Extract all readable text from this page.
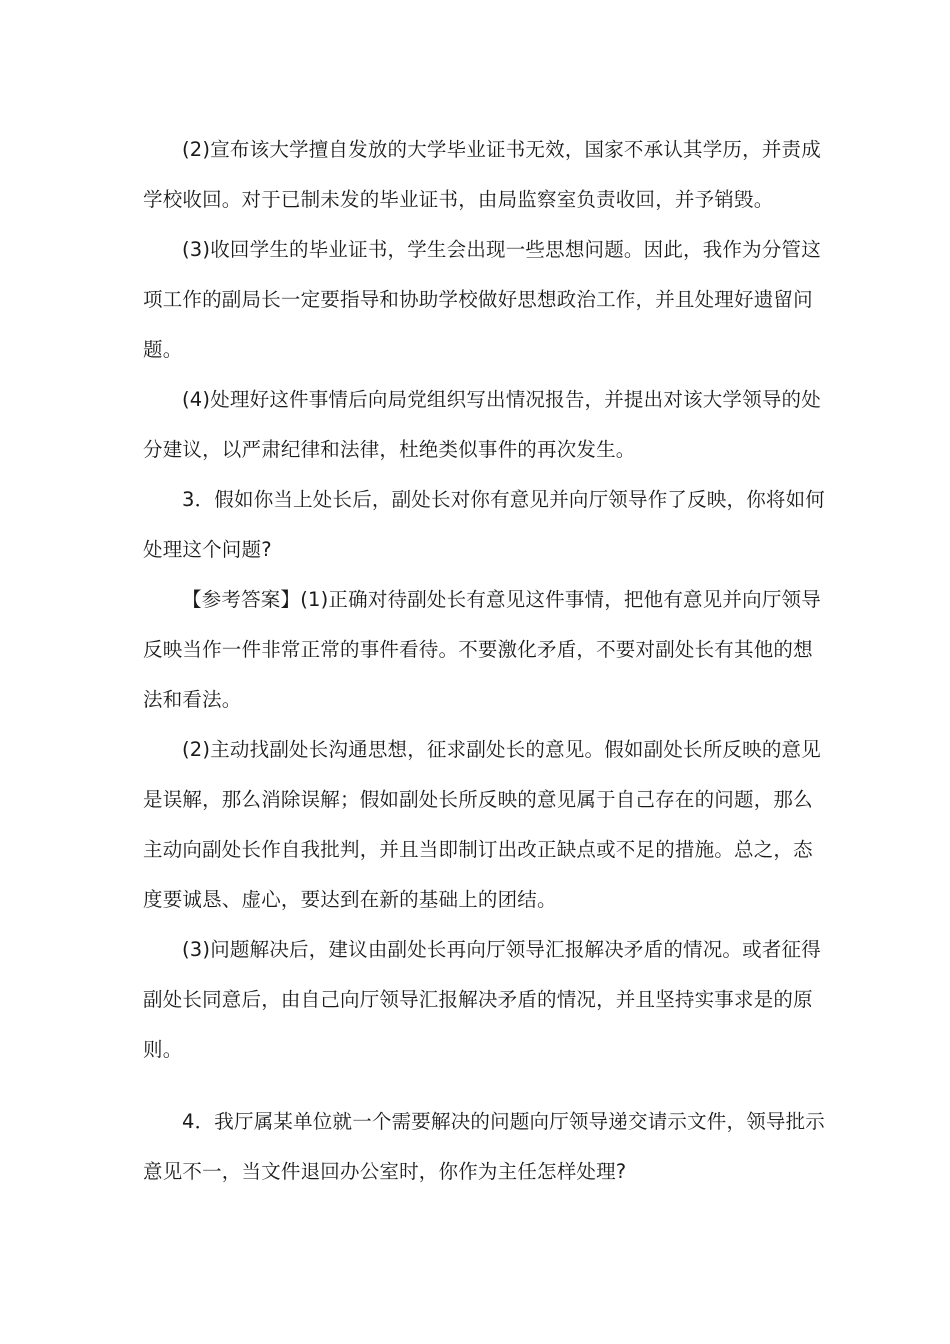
(2)宣布该大学擅自发放的大学毕业证书无效，国家不承认其学历，并责成
学校收回。对于已制未发的毕业证书，由局监察室负责收回，并予销毁。
(3)收回学生的毕业证书，学生会出现一些思想问题。因此，我作为分管这
项工作的副局长一定要指导和协助学校做好思想政治工作，并且处理好遗留问
题。
(4)处理好这件事情后向局党组织写出情况报告，并提出对该大学领导的处
分建议，以严肃纪律和法律，杜绝类似事件的再次发生。
3．假如你当上处长后，副处长对你有意见并向厅领导作了反映，你将如何
处理这个问题?
【参考答案】(1)正确对待副处长有意见这件事情，把他有意见并向厅领导
反映当作一件非常正常的事件看待。不要激化矛盾，不要对副处长有其他的想
法和看法。
(2)主动找副处长沟通思想，征求副处长的意见。假如副处长所反映的意见
是误解，那么消除误解；假如副处长所反映的意见属于自己存在的问题，那么
主动向副处长作自我批判，并且当即制订出改正缺点或不足的措施。总之，态
度要诚恳、虚心，要达到在新的基础上的团结。
(3)问题解决后，建议由副处长再向厅领导汇报解决矛盾的情况。或者征得
副处长同意后，由自己向厅领导汇报解决矛盾的情况，并且坚持实事求是的原
则。
4．我厅属某单位就一个需要解决的问题向厅领导递交请示文件，领导批示
意见不一，当文件退回办公室时，你作为主任怎样处理?
